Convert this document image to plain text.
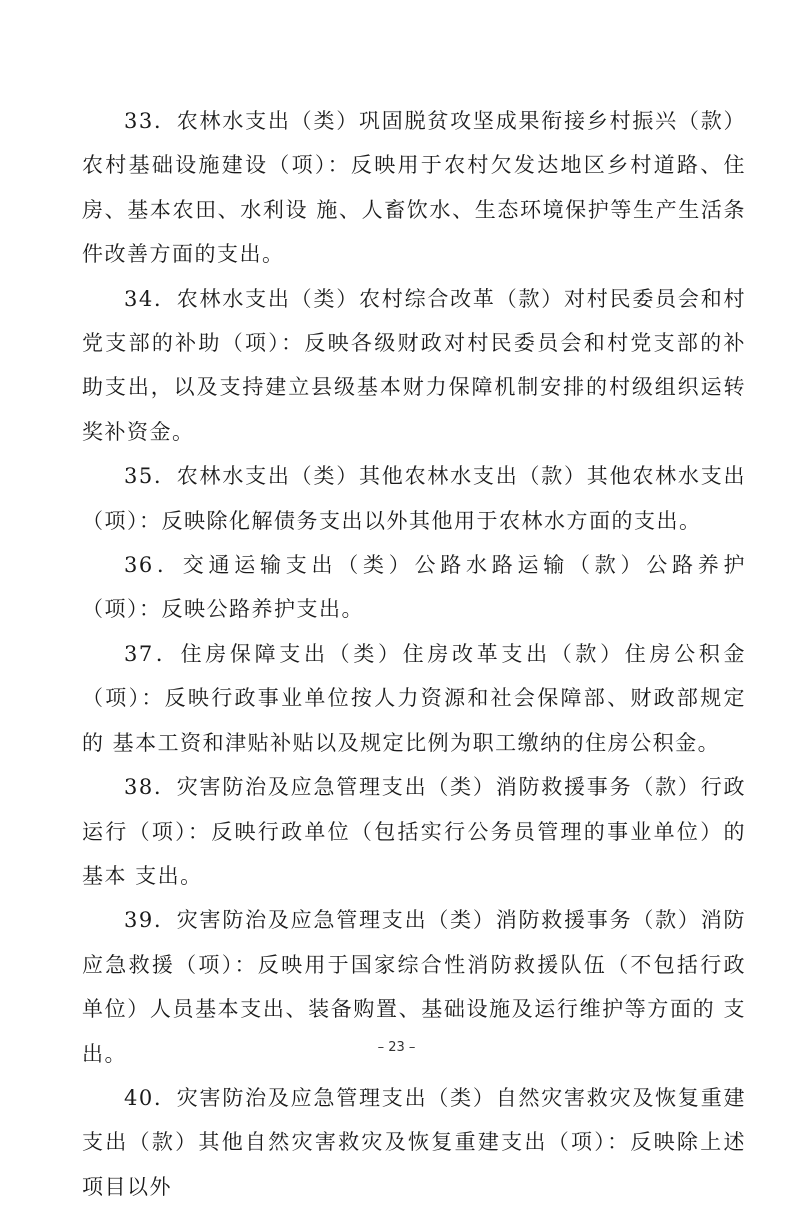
33．农林水支出（类）巩固脱贫攻坚成果衔接乡村振兴（款）农村基础设施建设（项）：反映用于农村欠发达地区乡村道路、住房、基本农田、水利设 施、人畜饮水、生态环境保护等生产生活条件改善方面的支出。

34．农林水支出（类）农村综合改革（款）对村民委员会和村党支部的补助（项）：反映各级财政对村民委员会和村党支部的补助支出，以及支持建立县级基本财力保障机制安排的村级组织运转奖补资金。

35．农林水支出（类）其他农林水支出（款）其他农林水支出（项）：反映除化解债务支出以外其他用于农林水方面的支出。

36．交通运输支出（类）公路水路运输（款）公路养护（项）：反映公路养护支出。

37．住房保障支出（类）住房改革支出（款）住房公积金（项）：反映行政事业单位按人力资源和社会保障部、财政部规定的 基本工资和津贴补贴以及规定比例为职工缴纳的住房公积金。

38．灾害防治及应急管理支出（类）消防救援事务（款）行政运行（项）：反映行政单位（包括实行公务员管理的事业单位）的基本 支出。

39．灾害防治及应急管理支出（类）消防救援事务（款）消防应急救援（项）：反映用于国家综合性消防救援队伍（不包括行政单位）人员基本支出、装备购置、基础设施及运行维护等方面的 支出。

40．灾害防治及应急管理支出（类）自然灾害救灾及恢复重建支出（款）其他自然灾害救灾及恢复重建支出（项）：反映除上述项目以外

– 23 –
